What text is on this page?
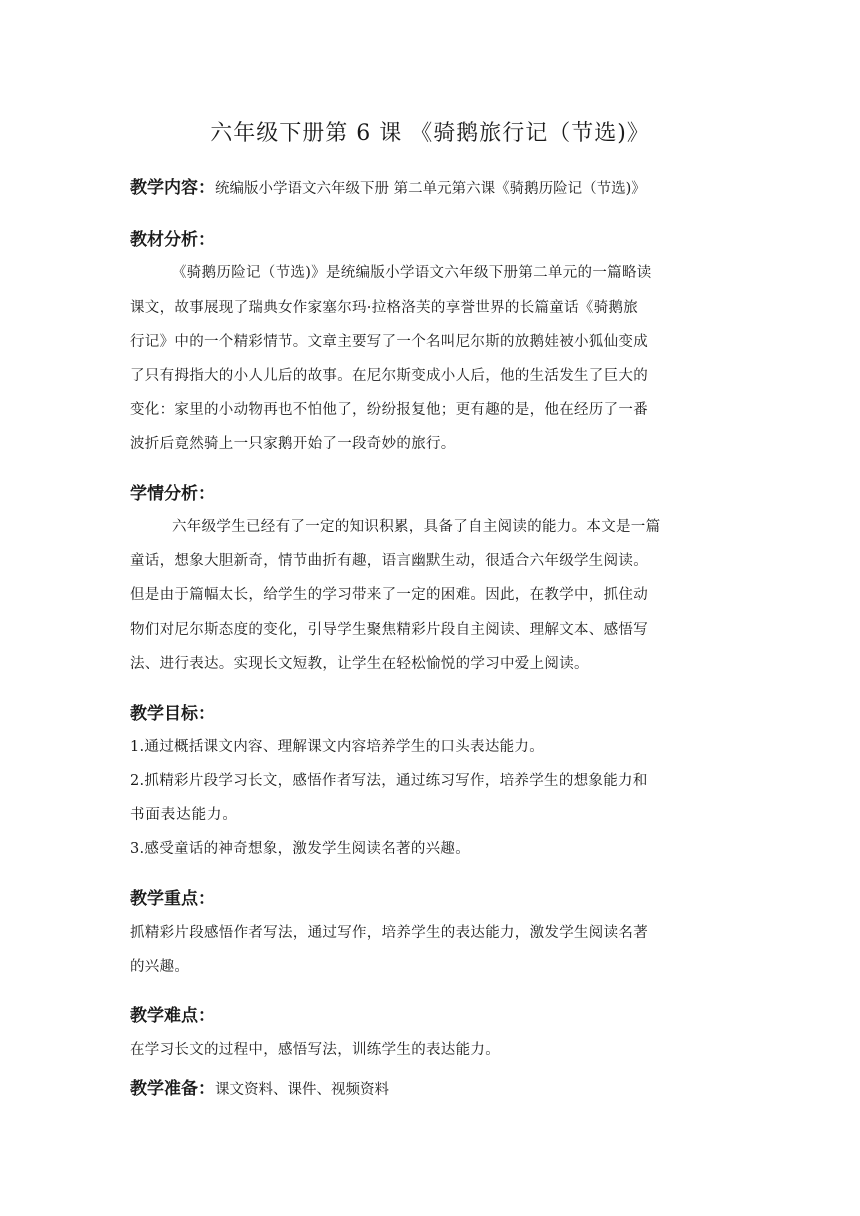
六年级下册第 6 课 《骑鹅旅行记（节选)》
教学内容：统编版小学语文六年级下册 第二单元第六课《骑鹅历险记（节选)》
教材分析：
《骑鹅历险记（节选)》是统编版小学语文六年级下册第二单元的一篇略读
课文，故事展现了瑞典女作家塞尔玛·拉格洛芙的享誉世界的长篇童话《骑鹅旅
行记》中的一个精彩情节。文章主要写了一个名叫尼尔斯的放鹅娃被小狐仙变成
了只有拇指大的小人儿后的故事。在尼尔斯变成小人后，他的生活发生了巨大的
变化：家里的小动物再也不怕他了，纷纷报复他；更有趣的是，他在经历了一番
波折后竟然骑上一只家鹅开始了一段奇妙的旅行。
学情分析：
六年级学生已经有了一定的知识积累，具备了自主阅读的能力。本文是一篇
童话，想象大胆新奇，情节曲折有趣，语言幽默生动，很适合六年级学生阅读。
但是由于篇幅太长，给学生的学习带来了一定的困难。因此，在教学中，抓住动
物们对尼尔斯态度的变化，引导学生聚焦精彩片段自主阅读、理解文本、感悟写
法、进行表达。实现长文短教，让学生在轻松愉悦的学习中爱上阅读。
教学目标：
1.通过概括课文内容、理解课文内容培养学生的口头表达能力。
2.抓精彩片段学习长文，感悟作者写法，通过练习写作，培养学生的想象能力和
书面表达能力。
3.感受童话的神奇想象，激发学生阅读名著的兴趣。
教学重点：
抓精彩片段感悟作者写法，通过写作，培养学生的表达能力，激发学生阅读名著
的兴趣。
教学难点：
在学习长文的过程中，感悟写法，训练学生的表达能力。
教学准备：课文资料、课件、视频资料
